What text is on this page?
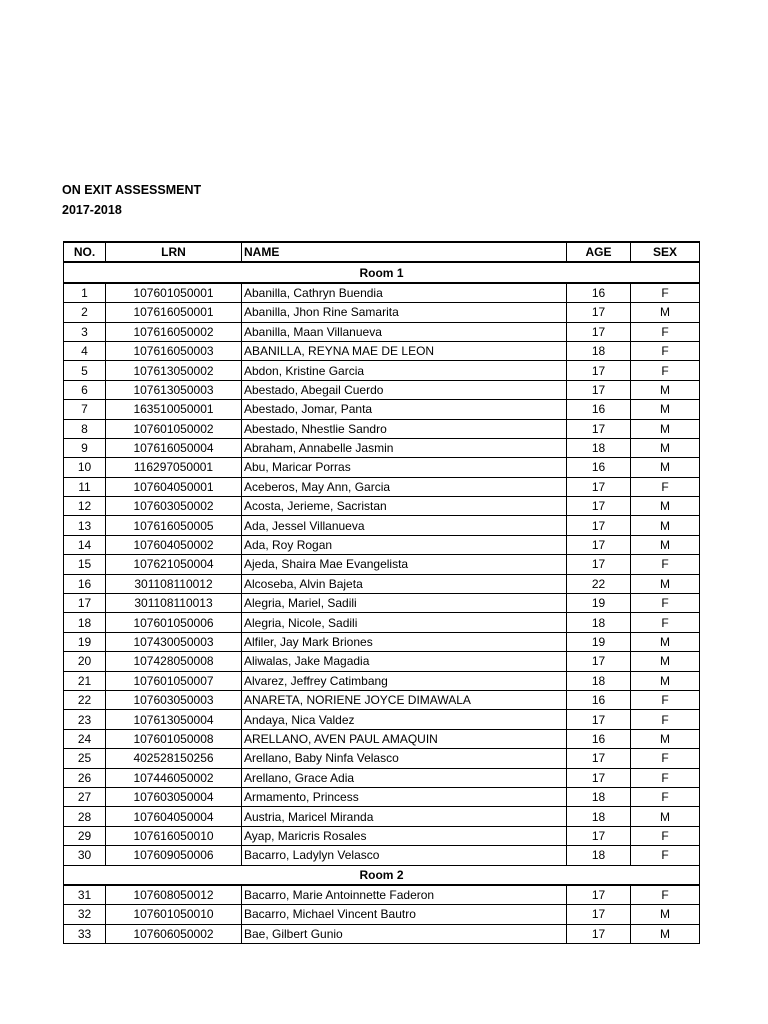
ON EXIT ASSESSMENT
2017-2018
NO.	LRN	NAME	AGE	SEX
Room 1				
1	107601050001	Abanilla, Cathryn Buendia	16	F
2	107616050001	Abanilla, Jhon Rine Samarita	17	M
3	107616050002	Abanilla, Maan Villanueva	17	F
4	107616050003	ABANILLA, REYNA MAE DE LEON	18	F
5	107613050002	Abdon, Kristine Garcia	17	F
6	107613050003	Abestado, Abegail Cuerdo	17	M
7	163510050001	Abestado, Jomar, Panta	16	M
8	107601050002	Abestado, Nhestlie Sandro	17	M
9	107616050004	Abraham, Annabelle Jasmin	18	M
10	116297050001	Abu, Maricar Porras	16	M
11	107604050001	Aceberos, May Ann, Garcia	17	F
12	107603050002	Acosta, Jerieme, Sacristan	17	M
13	107616050005	Ada, Jessel Villanueva	17	M
14	107604050002	Ada, Roy Rogan	17	M
15	107621050004	Ajeda, Shaira Mae Evangelista	17	F
16	301108110012	Alcoseba, Alvin Bajeta	22	M
17	301108110013	Alegria, Mariel, Sadili	19	F
18	107601050006	Alegria, Nicole, Sadili	18	F
19	107430050003	Alfiler, Jay Mark Briones	19	M
20	107428050008	Aliwalas, Jake Magadia	17	M
21	107601050007	Alvarez, Jeffrey Catimbang	18	M
22	107603050003	ANARETA, NORIENE JOYCE DIMAWALA	16	F
23	107613050004	Andaya, Nica Valdez	17	F
24	107601050008	ARELLANO, AVEN PAUL AMAQUIN	16	M
25	402528150256	Arellano, Baby Ninfa Velasco	17	F
26	107446050002	Arellano, Grace Adia	17	F
27	107603050004	Armamento, Princess	18	F
28	107604050004	Austria, Maricel Miranda	18	M
29	107616050010	Ayap, Maricris Rosales	17	F
30	107609050006	Bacarro, Ladylyn Velasco	18	F
Room 2				
31	107608050012	Bacarro, Marie Antoinnette Faderon	17	F
32	107601050010	Bacarro, Michael Vincent Bautro	17	M
33	107606050002	Bae, Gilbert Gunio	17	M
